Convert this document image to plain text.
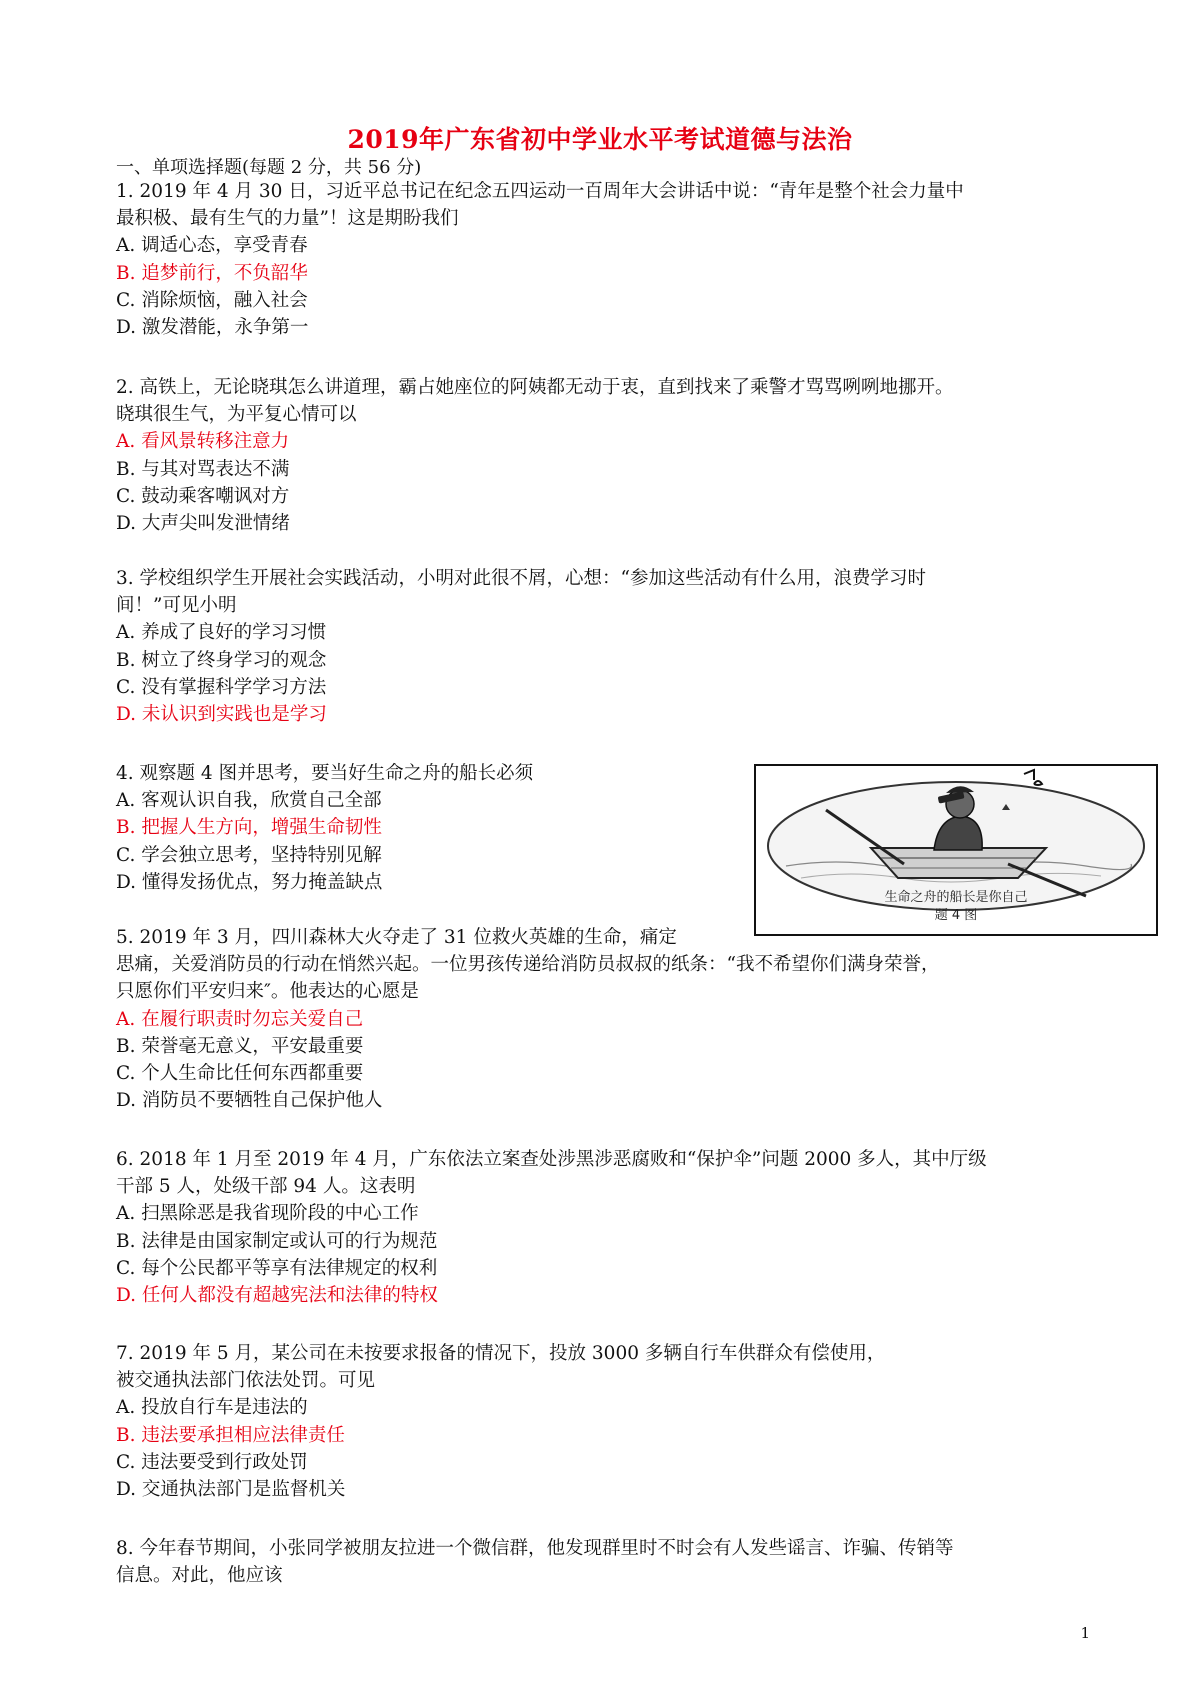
2019年广东省初中学业水平考试道德与法治
一、单项选择题(每题 2 分，共 56 分)
1. 2019 年 4 月 30 日，习近平总书记在纪念五四运动一百周年大会讲话中说：“青年是整个社会力量中
最积极、最有生气的力量”！这是期盼我们
A. 调适心态，享受青春
B. 追梦前行，不负韶华
C. 消除烦恼，融入社会
D. 激发潜能，永争第一
2. 高铁上，无论晓琪怎么讲道理，霸占她座位的阿姨都无动于衷，直到找来了乘警才骂骂咧咧地挪开。
晓琪很生气，为平复心情可以
A. 看风景转移注意力
B. 与其对骂表达不满
C. 鼓动乘客嘲讽对方
D. 大声尖叫发泄情绪
3. 学校组织学生开展社会实践活动，小明对此很不屑，心想：“参加这些活动有什么用，浪费学习时
间！”可见小明
A. 养成了良好的学习习惯
B. 树立了终身学习的观念
C. 没有掌握科学学习方法
D. 未认识到实践也是学习
4. 观察题 4 图并思考，要当好生命之舟的船长必须
A. 客观认识自我，欣赏自己全部
B. 把握人生方向，增强生命韧性
C. 学会独立思考，坚持特别见解
D. 懂得发扬优点，努力掩盖缺点
5. 2019 年 3 月，四川森林大火夺走了 31 位救火英雄的生命，痛定
思痛，关爱消防员的行动在悄然兴起。一位男孩传递给消防员叔叔的纸条：“我不希望你们满身荣誉，
只愿你们平安归来″。他表达的心愿是
A. 在履行职责时勿忘关爱自己
B. 荣誉毫无意义，平安最重要
C. 个人生命比任何东西都重要
D. 消防员不要牺牲自己保护他人
6. 2018 年 1 月至 2019 年 4 月，广东依法立案查处涉黑涉恶腐败和“保护伞”问题 2000 多人，其中厅级
干部 5 人，处级干部 94 人。这表明
A. 扫黑除恶是我省现阶段的中心工作
B. 法律是由国家制定或认可的行为规范
C. 每个公民都平等享有法律规定的权利
D. 任何人都没有超越宪法和法律的特权
7. 2019 年 5 月，某公司在未按要求报备的情况下，投放 3000 多辆自行车供群众有偿使用，
被交通执法部门依法处罚。可见
A. 投放自行车是违法的
B. 违法要承担相应法律责任
C. 违法要受到行政处罚
D. 交通执法部门是监督机关
8. 今年春节期间，小张同学被朋友拉进一个微信群，他发现群里时不时会有人发些谣言、诈骗、传销等
信息。对此，他应该
生命之舟的船长是你自己
题 4 图
1
